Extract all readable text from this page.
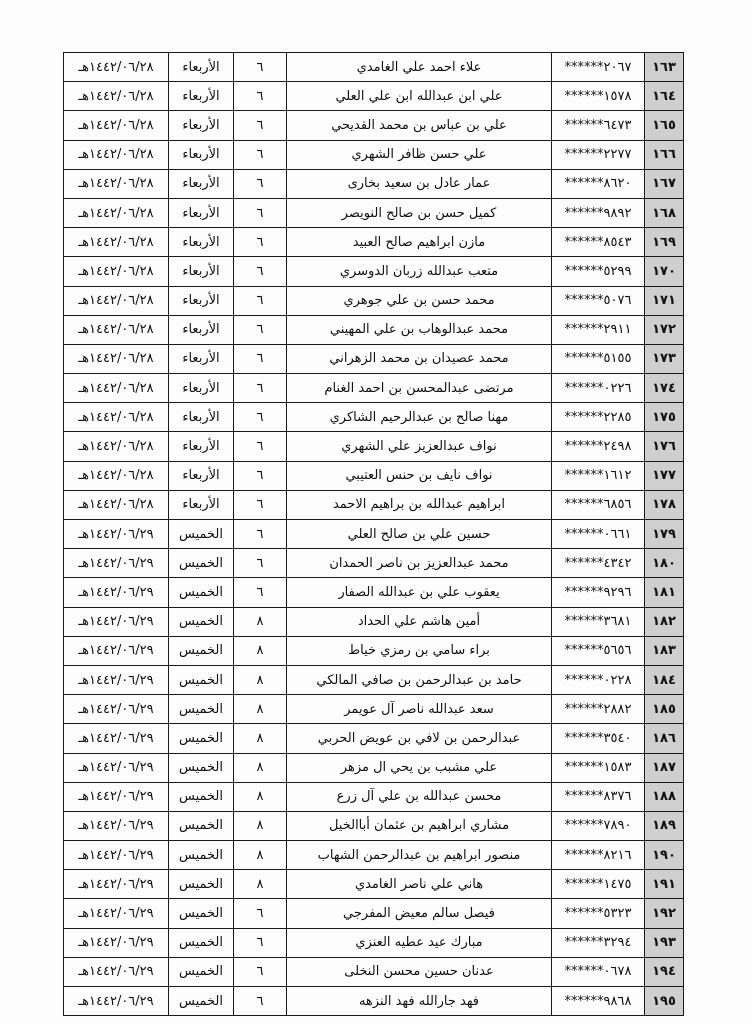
١٤٤٢/٠٦/٢٨هـ	الأربعاء	٦	علاء احمد علي الغامدي	******٢٠٦٧	١٦٣
١٤٤٢/٠٦/٢٨هـ	الأربعاء	٦	علي ابن عبدالله ابن علي العلي	******١٥٧٨	١٦٤
١٤٤٢/٠٦/٢٨هـ	الأربعاء	٦	علي بن عباس بن محمد القديحي	******٦٤٧٣	١٦٥
١٤٤٢/٠٦/٢٨هـ	الأربعاء	٦	علي حسن ظافر الشهري	******٢٢٧٧	١٦٦
١٤٤٢/٠٦/٢٨هـ	الأربعاء	٦	عمار عادل بن سعيد بخارى	******٨٦٢٠	١٦٧
١٤٤٢/٠٦/٢٨هـ	الأربعاء	٦	كميل حسن بن صالح النويصر	******٩٨٩٢	١٦٨
١٤٤٢/٠٦/٢٨هـ	الأربعاء	٦	مازن ابراهيم صالح العبيد	******٨٥٤٣	١٦٩
١٤٤٢/٠٦/٢٨هـ	الأربعاء	٦	متعب عبدالله زربان الدوسري	******٥٢٩٩	١٧٠
١٤٤٢/٠٦/٢٨هـ	الأربعاء	٦	محمد حسن بن علي جوهري	******٥٠٧٦	١٧١
١٤٤٢/٠٦/٢٨هـ	الأربعاء	٦	محمد عبدالوهاب بن علي المهيني	******٢٩١١	١٧٢
١٤٤٢/٠٦/٢٨هـ	الأربعاء	٦	محمد عصيدان بن محمد الزهراني	******٥١٥٥	١٧٣
١٤٤٢/٠٦/٢٨هـ	الأربعاء	٦	مرتضى عبدالمحسن بن احمد الغنام	******٠٢٢٦	١٧٤
١٤٤٢/٠٦/٢٨هـ	الأربعاء	٦	مهنا صالح بن عبدالرحيم الشاكري	******٢٢٨٥	١٧٥
١٤٤٢/٠٦/٢٨هـ	الأربعاء	٦	نواف عبدالعزيز علي الشهري	******٢٤٩٨	١٧٦
١٤٤٢/٠٦/٢٨هـ	الأربعاء	٦	نواف نايف بن حنس العتيبي	******١٦١٢	١٧٧
١٤٤٢/٠٦/٢٨هـ	الأربعاء	٦	ابراهيم عبدالله بن براهيم الاحمد	******٦٨٥٦	١٧٨
١٤٤٢/٠٦/٢٩هـ	الخميس	٦	حسين علي بن صالح العلي	******٠٦٦١	١٧٩
١٤٤٢/٠٦/٢٩هـ	الخميس	٦	محمد عبدالعزيز بن ناصر الحمدان	******٤٣٤٢	١٨٠
١٤٤٢/٠٦/٢٩هـ	الخميس	٦	يعقوب علي بن عبدالله الصفار	******٩٢٩٦	١٨١
١٤٤٢/٠٦/٢٩هـ	الخميس	٨	أمين هاشم علي الحداد	******٣٦٨١	١٨٢
١٤٤٢/٠٦/٢٩هـ	الخميس	٨	براء سامي بن رمزي خياط	******٥٦٥٦	١٨٣
١٤٤٢/٠٦/٢٩هـ	الخميس	٨	حامد بن عبدالرحمن بن صافي المالكي	******٠٢٢٨	١٨٤
١٤٤٢/٠٦/٢٩هـ	الخميس	٨	سعد عبدالله ناصر آل عويمر	******٢٨٨٢	١٨٥
١٤٤٢/٠٦/٢٩هـ	الخميس	٨	عبدالرحمن بن لافي بن عويض الحربي	******٣٥٤٠	١٨٦
١٤٤٢/٠٦/٢٩هـ	الخميس	٨	علي مشبب بن يحي ال مزهر	******١٥٨٣	١٨٧
١٤٤٢/٠٦/٢٩هـ	الخميس	٨	محسن عبدالله بن علي آل زرع	******٨٣٧٦	١٨٨
١٤٤٢/٠٦/٢٩هـ	الخميس	٨	مشاري ابراهيم بن عثمان أباالخيل	******٧٨٩٠	١٨٩
١٤٤٢/٠٦/٢٩هـ	الخميس	٨	منصور ابراهيم بن عبدالرحمن الشهاب	******٨٢١٦	١٩٠
١٤٤٢/٠٦/٢٩هـ	الخميس	٨	هاني علي ناصر الغامدي	******١٤٧٥	١٩١
١٤٤٢/٠٦/٢٩هـ	الخميس	٦	فيصل سالم معيض المفرجي	******٥٣٢٣	١٩٢
١٤٤٢/٠٦/٢٩هـ	الخميس	٦	مبارك عيد عطيه العنزي	******٣٢٩٤	١٩٣
١٤٤٢/٠٦/٢٩هـ	الخميس	٦	عدنان حسين محسن النخلى	******٠٦٧٨	١٩٤
١٤٤٢/٠٦/٢٩هـ	الخميس	٦	فهد جارالله فهد النزهه	******٩٨٦٨	١٩٥
